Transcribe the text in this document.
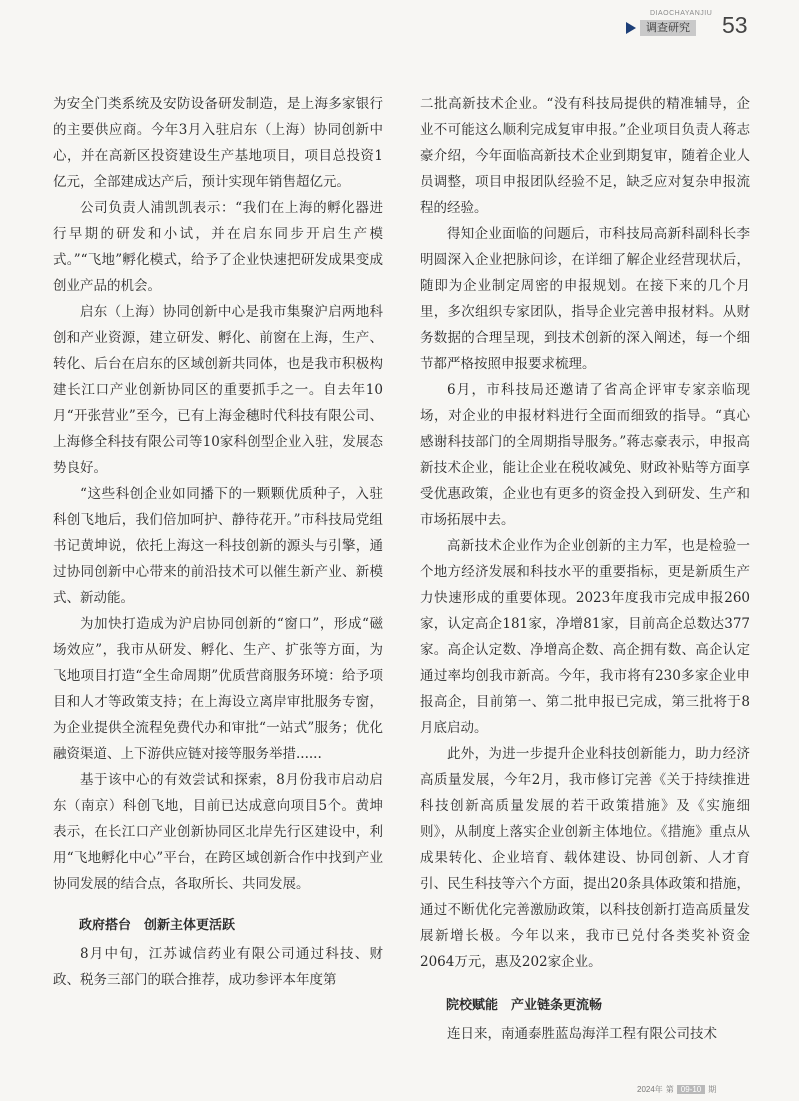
DIAOCHAYANJIU
调查研究 53

为安全门类系统及安防设备研发制造，是上海多家银行的主要供应商。今年3月入驻启东（上海）协同创新中心，并在高新区投资建设生产基地项目，项目总投资1亿元，全部建成达产后，预计实现年销售超亿元。

公司负责人浦凯凯表示：“我们在上海的孵化器进行早期的研发和小试，并在启东同步开启生产模式。”“飞地”孵化模式，给予了企业快速把研发成果变成创业产品的机会。

启东（上海）协同创新中心是我市集聚沪启两地科创和产业资源，建立研发、孵化、前窗在上海，生产、转化、后台在启东的区域创新共同体，也是我市积极构建长江口产业创新协同区的重要抓手之一。自去年10月“开张营业”至今，已有上海金穗时代科技有限公司、上海修全科技有限公司等10家科创型企业入驻，发展态势良好。

“这些科创企业如同播下的一颗颗优质种子，入驻科创飞地后，我们倍加呵护、静待花开。”市科技局党组书记黄坤说，依托上海这一科技创新的源头与引擎，通过协同创新中心带来的前沿技术可以催生新产业、新模式、新动能。

为加快打造成为沪启协同创新的“窗口”，形成“磁场效应”，我市从研发、孵化、生产、扩张等方面，为飞地项目打造“全生命周期”优质营商服务环境：给予项目和人才等政策支持；在上海设立离岸审批服务专窗，为企业提供全流程免费代办和审批“一站式”服务；优化融资渠道、上下游供应链对接等服务举措......

基于该中心的有效尝试和探索，8月份我市启动启东（南京）科创飞地，目前已达成意向项目5个。黄坤表示，在长江口产业创新协同区北岸先行区建设中，利用“飞地孵化中心”平台，在跨区域创新合作中找到产业协同发展的结合点，各取所长、共同发展。

政府搭台　创新主体更活跃

8月中旬，江苏诚信药业有限公司通过科技、财政、税务三部门的联合推荐，成功参评本年度第

二批高新技术企业。“没有科技局提供的精准辅导，企业不可能这么顺利完成复审申报。”企业项目负责人蒋志豪介绍，今年面临高新技术企业到期复审，随着企业人员调整，项目申报团队经验不足，缺乏应对复杂申报流程的经验。

得知企业面临的问题后，市科技局高新科副科长李明圆深入企业把脉问诊，在详细了解企业经营现状后，随即为企业制定周密的申报规划。在接下来的几个月里，多次组织专家团队，指导企业完善申报材料。从财务数据的合理呈现，到技术创新的深入阐述，每一个细节都严格按照申报要求梳理。

6月，市科技局还邀请了省高企评审专家亲临现场，对企业的申报材料进行全面而细致的指导。“真心感谢科技部门的全周期指导服务。”蒋志豪表示，申报高新技术企业，能让企业在税收减免、财政补贴等方面享受优惠政策，企业也有更多的资金投入到研发、生产和市场拓展中去。

高新技术企业作为企业创新的主力军，也是检验一个地方经济发展和科技水平的重要指标，更是新质生产力快速形成的重要体现。2023年度我市完成申报260家，认定高企181家，净增81家，目前高企总数达377家。高企认定数、净增高企数、高企拥有数、高企认定通过率均创我市新高。今年，我市将有230多家企业申报高企，目前第一、第二批申报已完成，第三批将于8月底启动。

此外，为进一步提升企业科技创新能力，助力经济高质量发展，今年2月，我市修订完善《关于持续推进科技创新高质量发展的若干政策措施》及《实施细则》，从制度上落实企业创新主体地位。《措施》重点从成果转化、企业培育、载体建设、协同创新、人才育引、民生科技等六个方面，提出20条具体政策和措施，通过不断优化完善激励政策，以科技创新打造高质量发展新增长极。今年以来，我市已兑付各类奖补资金2064万元，惠及202家企业。

院校赋能　产业链条更流畅

连日来，南通泰胜蓝岛海洋工程有限公司技术

2024年 第 09-10 期
